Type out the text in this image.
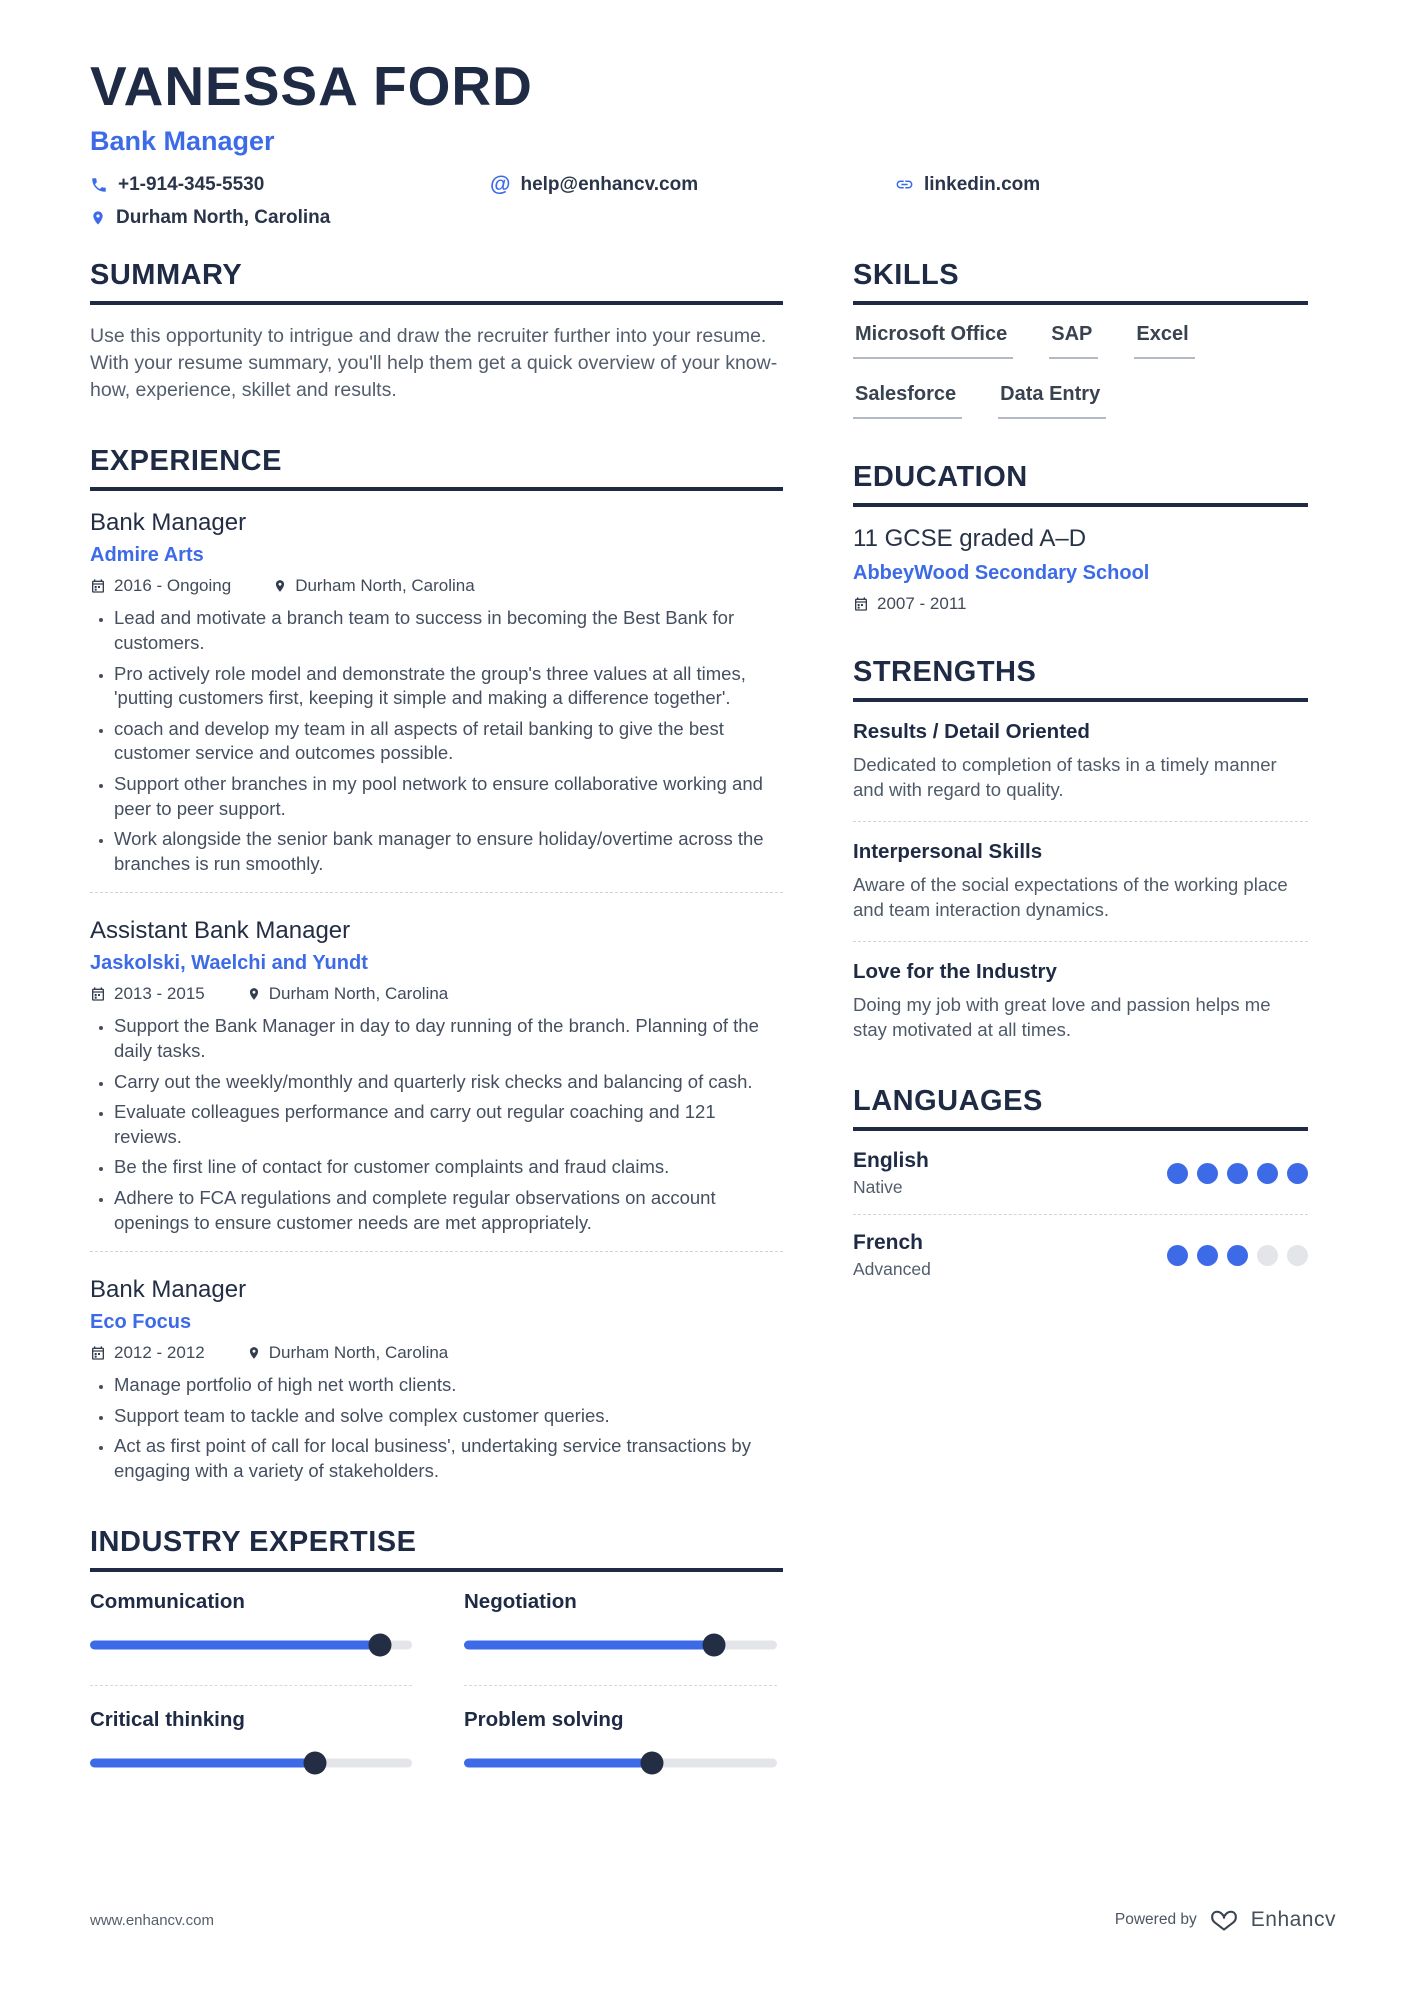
VANESSA FORD
Bank Manager
+1-914-345-5530	@ help@enhancv.com	linkedin.com
Durham North, Carolina
SUMMARY

Use this opportunity to intrigue and draw the recruiter further into your resume. With your resume summary, you'll help them get a quick overview of your know-how, experience, skillet and results.

EXPERIENCE
Bank Manager
Admire Arts
2016 - Ongoing	Durham North, Carolina
• Lead and motivate a branch team to success in becoming the Best Bank for customers.
• Pro actively role model and demonstrate the group's three values at all times, 'putting customers first, keeping it simple and making a difference together'.
• coach and develop my team in all aspects of retail banking to give the best customer service and outcomes possible.
• Support other branches in my pool network to ensure collaborative working and peer to peer support.
• Work alongside the senior bank manager to ensure holiday/overtime across the branches is run smoothly.
Assistant Bank Manager
Jaskolski, Waelchi and Yundt
2013 - 2015	Durham North, Carolina
• Support the Bank Manager in day to day running of the branch. Planning of the daily tasks.
• Carry out the weekly/monthly and quarterly risk checks and balancing of cash.
• Evaluate colleagues performance and carry out regular coaching and 121 reviews.
• Be the first line of contact for customer complaints and fraud claims.
• Adhere to FCA regulations and complete regular observations on account openings to ensure customer needs are met appropriately.
Bank Manager
Eco Focus
2012 - 2012	Durham North, Carolina
• Manage portfolio of high net worth clients.
• Support team to tackle and solve complex customer queries.
• Act as first point of call for local business', undertaking service transactions by engaging with a variety of stakeholders.
INDUSTRY EXPERTISE
Communication	Negotiation
Critical thinking	Problem solving
SKILLS
Microsoft Office	SAP	Excel
Salesforce	Data Entry
EDUCATION
11 GCSE graded A–D
AbbeyWood Secondary School
2007 - 2011
STRENGTHS
Results / Detail Oriented
Dedicated to completion of tasks in a timely manner and with regard to quality.
Interpersonal Skills
Aware of the social expectations of the working place and team interaction dynamics.
Love for the Industry
Doing my job with great love and passion helps me stay motivated at all times.
LANGUAGES
English
Native
French
Advanced
www.enhancv.com	Powered by	Enhancv
